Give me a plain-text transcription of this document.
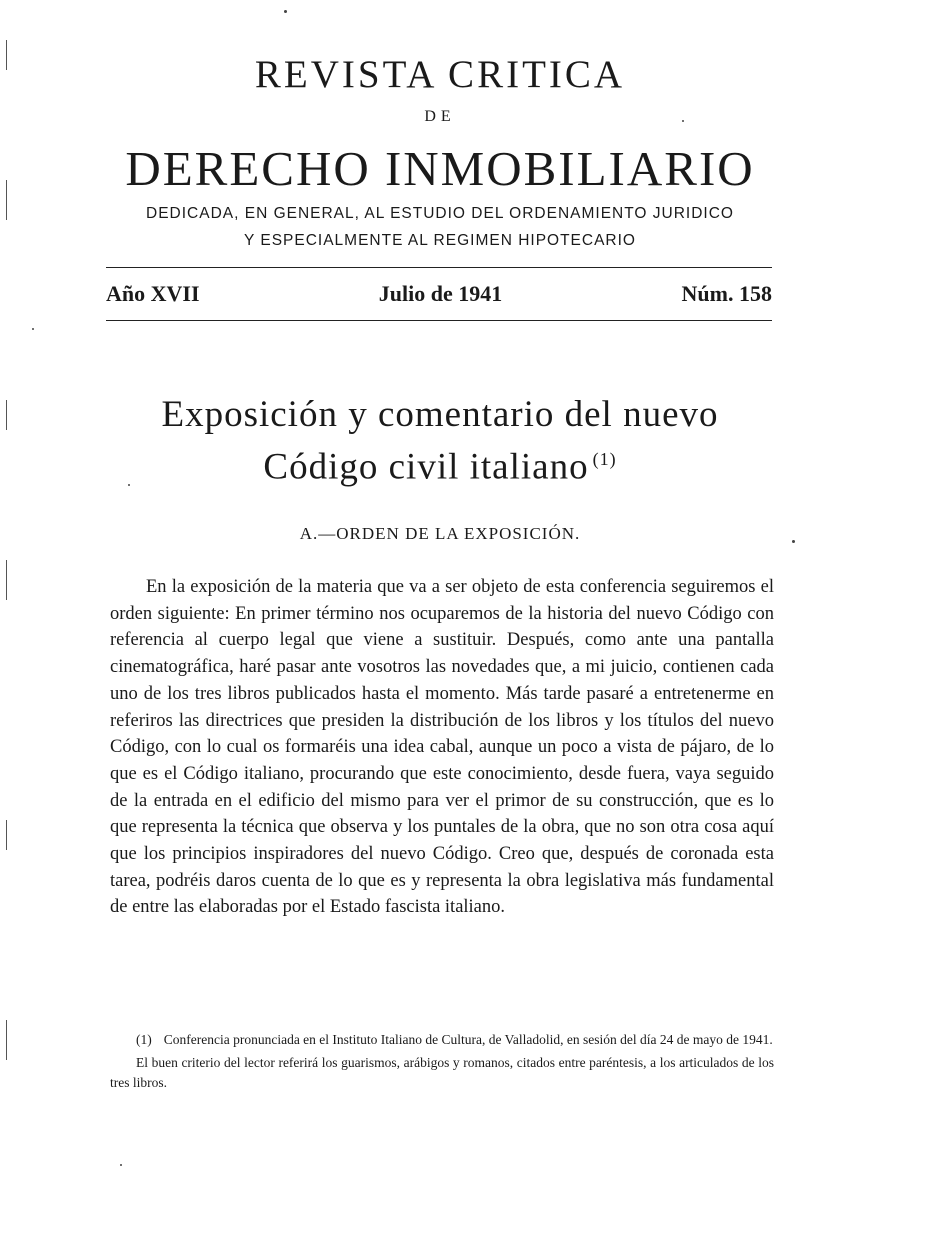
REVISTA CRITICA
DE
DERECHO INMOBILIARIO
DEDICADA, EN GENERAL, AL ESTUDIO DEL ORDENAMIENTO JURIDICO
Y ESPECIALMENTE AL REGIMEN HIPOTECARIO
Año XVII	Julio de 1941	Núm. 158
Exposición y comentario del nuevo
Código civil italiano $^{(1)}$
A.—ORDEN DE LA EXPOSICIÓN.

En la exposición de la materia que va a ser objeto de esta conferencia seguiremos el orden siguiente: En primer término nos ocuparemos de la historia del nuevo Código con referencia al cuerpo legal que viene a sustituir. Después, como ante una pantalla cinematográfica, haré pasar ante vosotros las novedades que, a mi juicio, contienen cada uno de los tres libros publicados hasta el momento. Más tarde pasaré a entretenerme en referiros las directrices que presiden la distribución de los libros y los títulos del nuevo Código, con lo cual os formaréis una idea cabal, aunque un poco a vista de pájaro, de lo que es el Código italiano, procurando que este conocimiento, desde fuera, vaya seguido de la entrada en el edificio del mismo para ver el primor de su construcción, que es lo que representa la técnica que observa y los puntales de la obra, que no son otra cosa aquí que los principios inspiradores del nuevo Código. Creo que, después de coronada esta tarea, podréis daros cuenta de lo que es y representa la obra legislativa más fundamental de entre las elaboradas por el Estado fascista italiano.

(1) Conferencia pronunciada en el Instituto Italiano de Cultura, de Valladolid, en sesión del día 24 de mayo de 1941.

El buen criterio del lector referirá los guarismos, arábigos y romanos, citados entre paréntesis, a los articulados de los tres libros.
